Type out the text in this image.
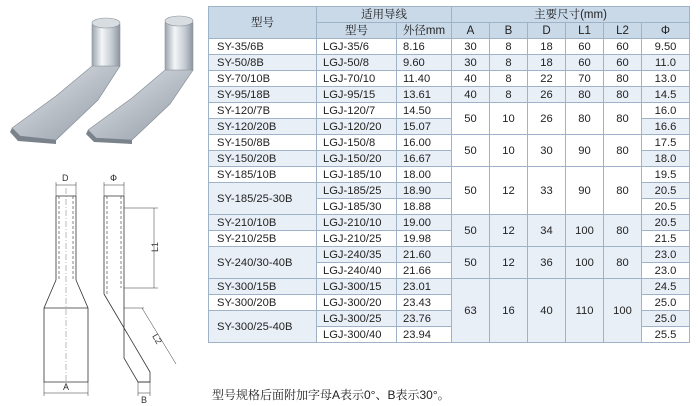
D	Φ
L1
L2
A
B
型号	适用导线		主要尺寸(mm)					
	型号	外径mm	A	B	D	L1	L2	Φ
SY-35/6B	LGJ-35/6	8.16	30	8	18	60	60	9.50
SY-50/8B	LGJ-50/8	9.60	30	8	18	60	60	11.0
SY-70/10B	LGJ-70/10	11.40	40	8	22	70	80	13.0
SY-95/18B	LGJ-95/15	13.61	40	8	26	80	80	14.5
SY-120/7B	LGJ-120/7	14.50	50	10	26	80	80	16.0
SY-120/20B	LGJ-120/20	15.07						16.6
SY-150/8B	LGJ-150/8	16.00	50	10	30	90	80	17.5
SY-150/20B	LGJ-150/20	16.67						18.0
SY-185/10B	LGJ-185/10	18.00	50	12	33	90	80	19.5
SY-185/25-30B	LGJ-185/25	18.90						20.5
	LGJ-185/30	18.88						20.5
SY-210/10B	LGJ-210/10	19.00	50	12	34	100	80	20.5
SY-210/25B	LGJ-210/25	19.98						21.5
SY-240/30-40B	LGJ-240/35	21.60	50	12	36	100	80	23.0
	LGJ-240/40	21.66						23.0
SY-300/15B	LGJ-300/15	23.01	63	16	40	110	100	24.5
SY-300/20B	LGJ-300/20	23.43						25.0
SY-300/25-40B	LGJ-300/25	23.76						25.0
	LGJ-300/40	23.94						25.5
型号规格后面附加字母A表示0°、B表示30°。
